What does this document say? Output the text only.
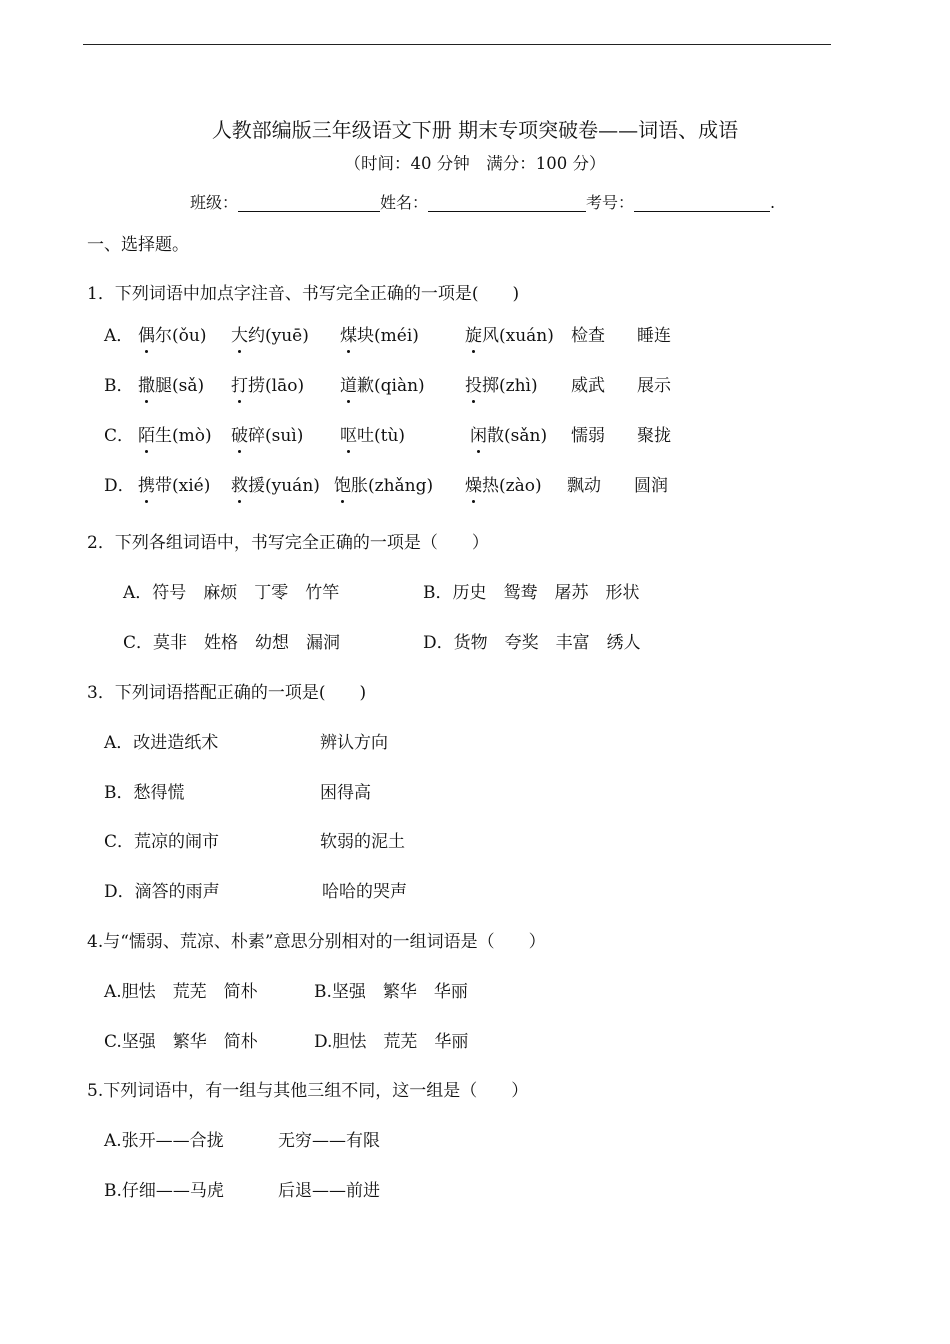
人教部编版三年级语文下册 期末专项突破卷——词语、成语
（时间：40 分钟　满分：100 分）
班级：	姓名：	考号：	.
一、选择题。
1．下列词语中加点字注音、书写完全正确的一项是(　　)
A． 偶尔(ǒu) 大约(yuē) 煤块(méi)	旋风(xuán) 检查 睡连
B． 撒腿(sǎ) 打捞(lāo) 道歉(qiàn) 投掷(zhì) 威武 展示
C． 陌生(mò) 破碎(suì) 呕吐(tù)	闲散(sǎn) 懦弱 聚拢
D． 携带(xié) 救援(yuán) 饱胀(zhǎng) 燥热(zào) 飘动 圆润
2．下列各组词语中，书写完全正确的一项是（　　）
A．符号　麻烦　丁零　竹竿	B．历史　鸳鸯　屠苏　形状
C．莫非　姓格　幼想　漏洞	D．货物　夸奖　丰富　绣人
3．下列词语搭配正确的一项是(　　)
A．改进造纸术	辨认方向
B．愁得慌	困得高
C．荒凉的闹市	软弱的泥土
D．滴答的雨声	哈哈的哭声
4.与“懦弱、荒凉、朴素”意思分别相对的一组词语是（　　）
A.胆怯　荒芜　简朴	B.坚强　繁华　华丽
C.坚强　繁华　简朴	D.胆怯　荒芜　华丽
5.下列词语中，有一组与其他三组不同，这一组是（　　）
A.张开——合拢	无穷——有限
B.仔细——马虎	后退——前进
